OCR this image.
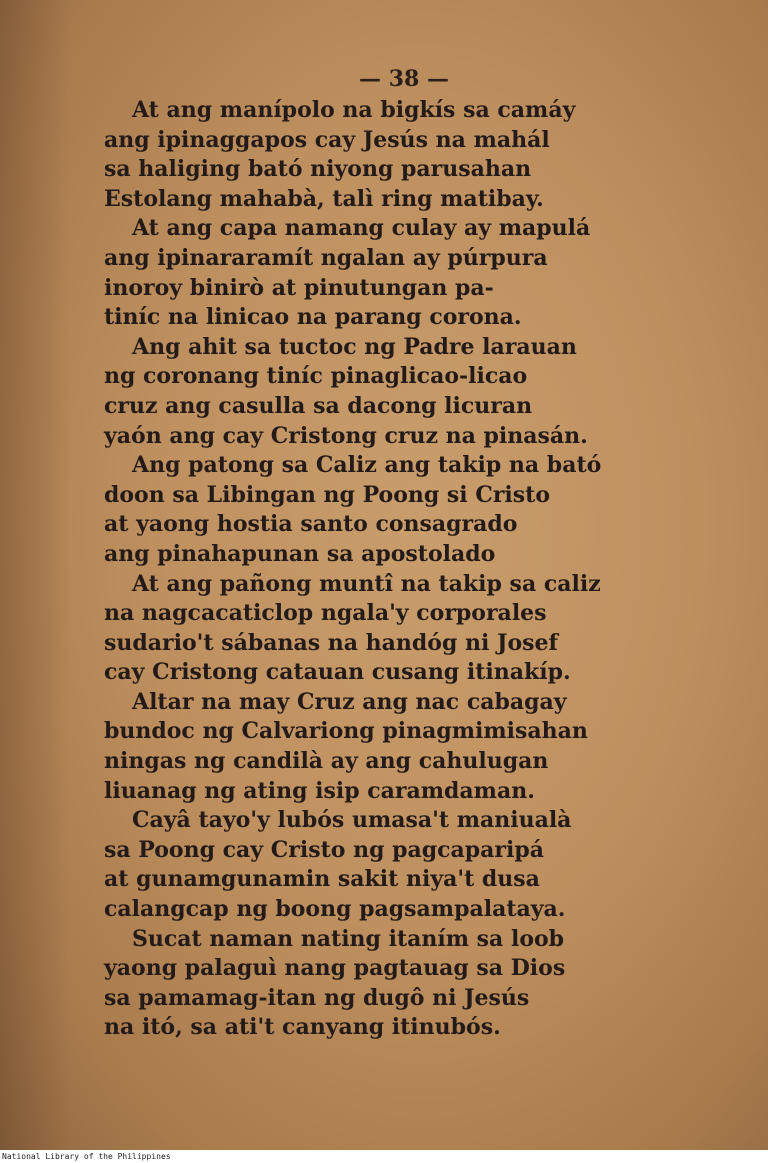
— 38 —
At ang manípolo na bigkís sa camáy
ang ipinaggapos cay Jesús na mahál
sa haliging bató niyong parusahan
Estolang mahabà, talì ring matibay.
At ang capa namang culay ay mapulá
ang ipinararamít ngalan ay púrpura
inoroy binirò at pinutungan pa-
tiníc na linicao na parang corona.
Ang ahit sa tuctoc ng Padre larauan
ng coronang tiníc pinaglicao-licao
cruz ang casulla sa dacong licuran
yaón ang cay Cristong cruz na pinasán.
Ang patong sa Caliz ang takip na bató
doon sa Libingan ng Poong si Cristo
at yaong hostia santo consagrado
ang pinahapunan sa apostolado
At ang pañong muntî na takip sa caliz
na nagcacaticlop ngala'y corporales
sudario't sábanas na handóg ni Josef
cay Cristong catauan cusang itinakíp.
Altar na may Cruz ang nac cabagay
bundoc ng Calvariong pinagmimisahan
ningas ng candilà ay ang cahulugan
liuanag ng ating isip caramdaman.
Cayâ tayo'y lubós umasa't maniualà
sa Poong cay Cristo ng pagcaparipá
at gunamgunamin sakit niya't dusa
calangcap ng boong pagsampalataya.
Sucat naman nating itaním sa loob
yaong palaguì nang pagtauag sa Dios
sa pamamag-itan ng dugô ni Jesús
na itó, sa ati't canyang itinubós.
National Library of the Philippines
